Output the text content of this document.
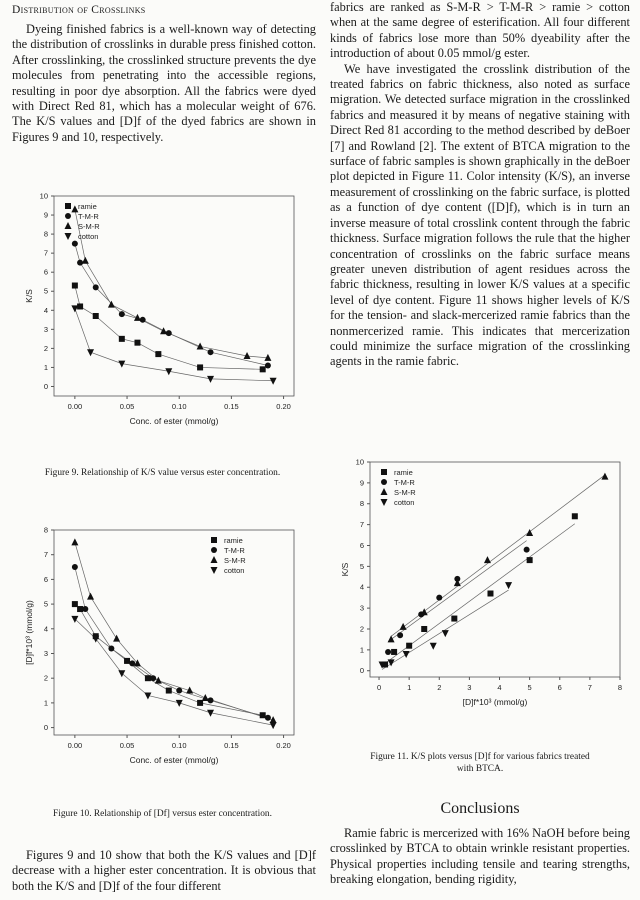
Distribution of Crosslinks

Dyeing finished fabrics is a well-known way of detecting the distribution of crosslinks in durable press finished cotton. After crosslinking, the crosslinked structure prevents the dye molecules from penetrating into the accessible regions, resulting in poor dye absorption. All the fabrics were dyed with Direct Red 81, which has a molecular weight of 676. The K/S values and [D]f of the dyed fabrics are shown in Figures 9 and 10, respectively.

0.00	0.05	0.10	0.15	0.20
0
1
2
3
4
5
6
7
8
9
10
Conc. of ester (mmol/g)
K/S
ramie
T-M-R
S-M-R
cotton
Figure 9. Relationship of K/S value versus ester concentration.
0.00	0.05	0.10	0.15	0.20
0
1
2
3
4
5
6
7
8
Conc. of ester (mmol/g)
[D]f*10³ (mmol/g)
ramie
T-M-R
S-M-R
cotton
Figure 10. Relationship of [Df] versus ester concentration.

Figures 9 and 10 show that both the K/S values and [D]f decrease with a higher ester concentration. It is obvious that both the K/S and [D]f of the four different

fabrics are ranked as S-M-R > T-M-R > ramie > cotton when at the same degree of esterification. All four different kinds of fabrics lose more than 50% dyeability after the introduction of about 0.05 mmol/g ester.

We have investigated the crosslink distribution of the treated fabrics on fabric thickness, also noted as surface migration. We detected surface migration in the crosslinked fabrics and measured it by means of negative staining with Direct Red 81 according to the method described by deBoer [7] and Rowland [2]. The extent of BTCA migration to the surface of fabric samples is shown graphically in the deBoer plot depicted in Figure 11. Color intensity (K/S), an inverse measurement of crosslinking on the fabric surface, is plotted as a function of dye content ([D]f), which is in turn an inverse measure of total crosslink content through the fabric thickness. Surface migration follows the rule that the higher concentration of crosslinks on the fabric surface means greater uneven distribution of agent residues across the fabric thickness, resulting in lower K/S values at a specific level of dye content. Figure 11 shows higher levels of K/S for the tension- and slack-mercerized ramie fabrics than the nonmercerized ramie. This indicates that mercerization could minimize the surface migration of the crosslinking agents in the ramie fabric.

0	1	2	3	4	5	6	7	8
0
1
2
3
4
5
6
7
8
9
10
[D]f*10³ (mmol/g)
K/S
ramie
T-M-R
S-M-R
cotton
Figure 11. K/S plots versus [D]f for various fabrics treated
with BTCA.
Conclusions

Ramie fabric is mercerized with 16% NaOH before being crosslinked by BTCA to obtain wrinkle resistant properties. Physical properties including tensile and tearing strengths, breaking elongation, bending rigidity,
